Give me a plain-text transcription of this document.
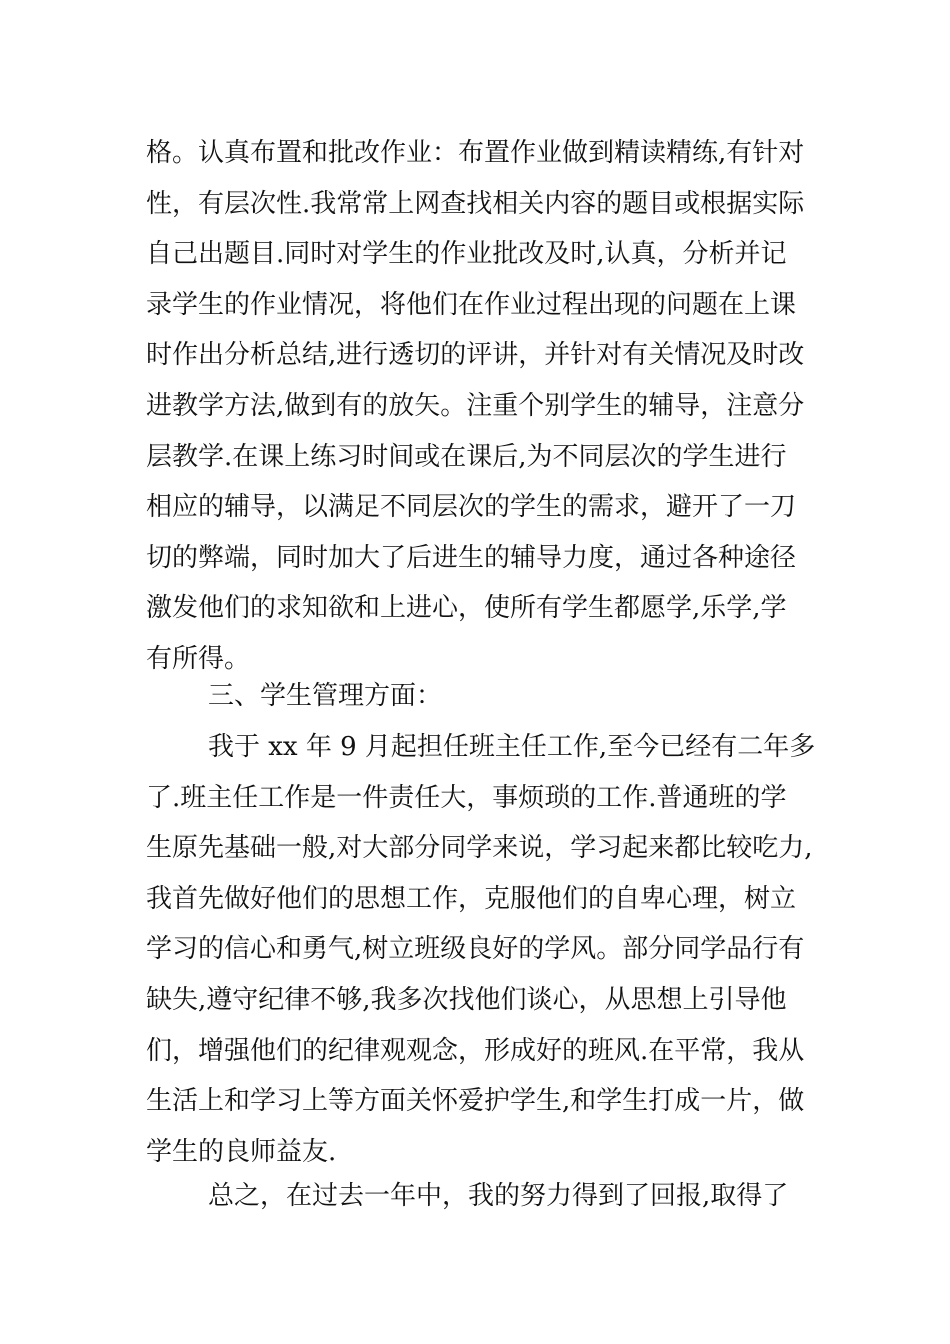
格。认真布置和批改作业：布置作业做到精读精练,有针对
性，有层次性.我常常上网查找相关内容的题目或根据实际
自己出题目.同时对学生的作业批改及时,认真，分析并记
录学生的作业情况，将他们在作业过程出现的问题在上课
时作出分析总结,进行透切的评讲，并针对有关情况及时改
进教学方法,做到有的放矢。注重个别学生的辅导，注意分
层教学.在课上练习时间或在课后,为不同层次的学生进行
相应的辅导，以满足不同层次的学生的需求，避开了一刀
切的弊端，同时加大了后进生的辅导力度，通过各种途径
激发他们的求知欲和上进心，使所有学生都愿学,乐学,学
有所得。
三、学生管理方面：
我于 xx 年 9 月起担任班主任工作,至今已经有二年多
了.班主任工作是一件责任大，事烦琐的工作.普通班的学
生原先基础一般,对大部分同学来说，学习起来都比较吃力,
我首先做好他们的思想工作，克服他们的自卑心理，树立
学习的信心和勇气,树立班级良好的学风。部分同学品行有
缺失,遵守纪律不够,我多次找他们谈心，从思想上引导他
们，增强他们的纪律观观念，形成好的班风.在平常，我从
生活上和学习上等方面关怀爱护学生,和学生打成一片，做
学生的良师益友.
总之，在过去一年中，我的努力得到了回报,取得了
